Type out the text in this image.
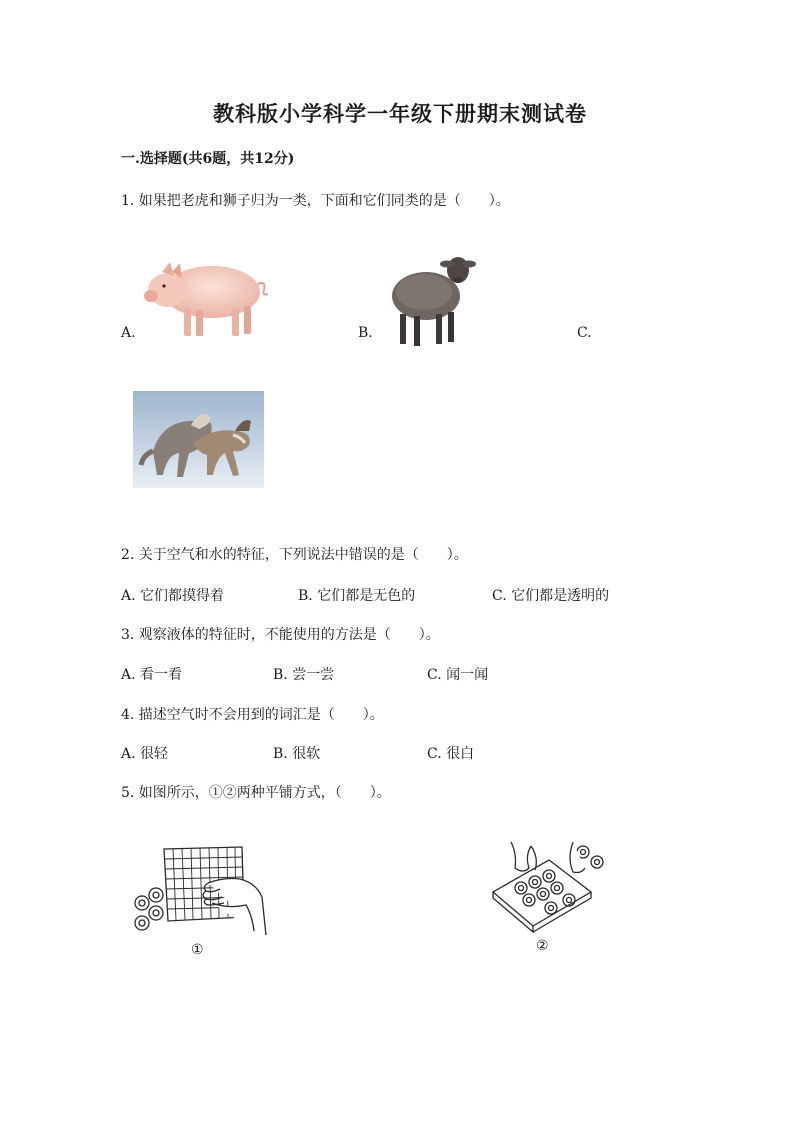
教科版小学科学一年级下册期末测试卷
一.选择题(共6题，共12分)
1. 如果把老虎和狮子归为一类，下面和它们同类的是（　　）。
A.	B.	C.
2. 关于空气和水的特征，下列说法中错误的是（　　）。
A. 它们都摸得着	B. 它们都是无色的	C. 它们都是透明的
3. 观察液体的特征时，不能使用的方法是（　　）。
A. 看一看	B. 尝一尝	C. 闻一闻
4. 描述空气时不会用到的词汇是（　　）。
A. 很轻	B. 很软	C. 很白
5. 如图所示，①②两种平铺方式，（　　）。
①	②
